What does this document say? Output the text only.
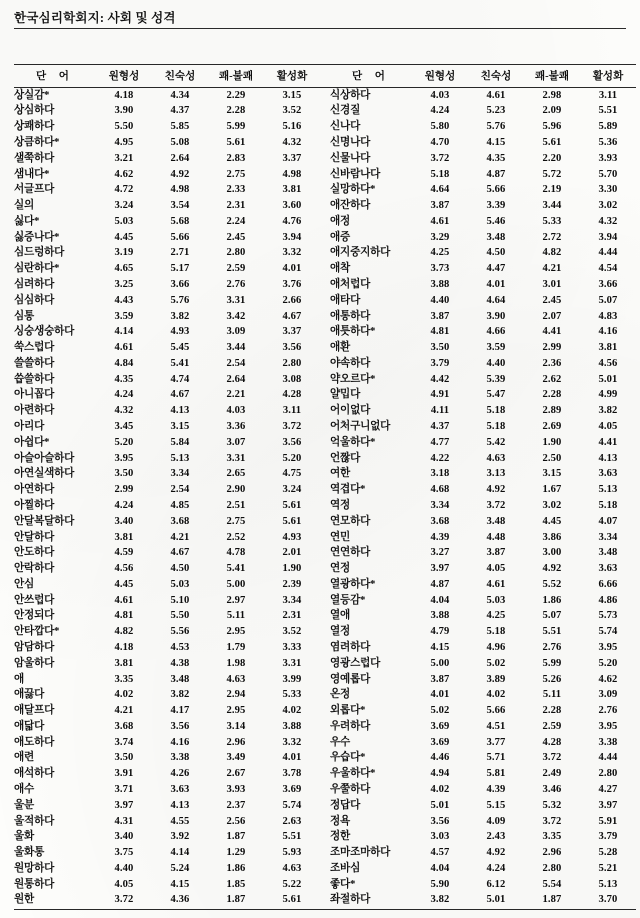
한국심리학회지: 사회 및 성격
단 어	원형성	친숙성	쾌-불쾌	활성화		단 어	원형성	친숙성	쾌-불쾌	활성화
상실감*	4.18	4.34	2.29	3.15		식상하다	4.03	4.61	2.98	3.11
상심하다	3.90	4.37	2.28	3.52		신경질	4.24	5.23	2.09	5.51
상쾌하다	5.50	5.85	5.99	5.16		신나다	5.80	5.76	5.96	5.89
상큼하다*	4.95	5.08	5.61	4.32		신명나다	4.70	4.15	5.61	5.36
샐쭉하다	3.21	2.64	2.83	3.37		신물나다	3.72	4.35	2.20	3.93
샘내다*	4.62	4.92	2.75	4.98		신바람나다	5.18	4.87	5.72	5.70
서글프다	4.72	4.98	2.33	3.81		실망하다*	4.64	5.66	2.19	3.30
실의	3.24	3.54	2.31	3.60		애잔하다	3.87	3.39	3.44	3.02
싫다*	5.03	5.68	2.24	4.76		애정	4.61	5.46	5.33	4.32
싫증나다*	4.45	5.66	2.45	3.94		애증	3.29	3.48	2.72	3.94
심드렁하다	3.19	2.71	2.80	3.32		애지중지하다	4.25	4.50	4.82	4.44
심란하다*	4.65	5.17	2.59	4.01		애착	3.73	4.47	4.21	4.54
심려하다	3.25	3.66	2.76	3.76		애처럽다	3.88	4.01	3.01	3.66
심심하다	4.43	5.76	3.31	2.66		애타다	4.40	4.64	2.45	5.07
심통	3.59	3.82	3.42	4.67		애통하다	3.87	3.90	2.07	4.83
싱숭생숭하다	4.14	4.93	3.09	3.37		애틋하다*	4.81	4.66	4.41	4.16
쑥스럽다	4.61	5.45	3.44	3.56		애환	3.50	3.59	2.99	3.81
쓸쓸하다	4.84	5.41	2.54	2.80		야속하다	3.79	4.40	2.36	4.56
씁쓸하다	4.35	4.74	2.64	3.08		약오르다*	4.42	5.39	2.62	5.01
아니꼽다	4.24	4.67	2.21	4.28		얄밉다	4.91	5.47	2.28	4.99
아련하다	4.32	4.13	4.03	3.11		어이없다	4.11	5.18	2.89	3.82
아리다	3.45	3.15	3.36	3.72		어처구니없다	4.37	5.18	2.69	4.05
아쉽다*	5.20	5.84	3.07	3.56		억울하다*	4.77	5.42	1.90	4.41
아슬아슬하다	3.95	5.13	3.31	5.20		언짢다	4.22	4.63	2.50	4.13
아연실색하다	3.50	3.34	2.65	4.75		여한	3.18	3.13	3.15	3.63
아연하다	2.99	2.54	2.90	3.24		역겹다*	4.68	4.92	1.67	5.13
아찔하다	4.24	4.85	2.51	5.61		역정	3.34	3.72	3.02	5.18
안달복달하다	3.40	3.68	2.75	5.61		연모하다	3.68	3.48	4.45	4.07
안달하다	3.81	4.21	2.52	4.93		연민	4.39	4.48	3.86	3.34
안도하다	4.59	4.67	4.78	2.01		연연하다	3.27	3.87	3.00	3.48
안락하다	4.56	4.50	5.41	1.90		연정	3.97	4.05	4.92	3.63
안심	4.45	5.03	5.00	2.39		열광하다*	4.87	4.61	5.52	6.66
안쓰럽다	4.61	5.10	2.97	3.34		열등감*	4.04	5.03	1.86	4.86
안정되다	4.81	5.50	5.11	2.31		열애	3.88	4.25	5.07	5.73
안타깝다*	4.82	5.56	2.95	3.52		열정	4.79	5.18	5.51	5.74
암담하다	4.18	4.53	1.79	3.33		염려하다	4.15	4.96	2.76	3.95
암울하다	3.81	4.38	1.98	3.31		영광스럽다	5.00	5.02	5.99	5.20
애	3.35	3.48	4.63	3.99		영예롭다	3.87	3.89	5.26	4.62
애끓다	4.02	3.82	2.94	5.33		온정	4.01	4.02	5.11	3.09
애달프다	4.21	4.17	2.95	4.02		외롭다*	5.02	5.66	2.28	2.76
애닯다	3.68	3.56	3.14	3.88		우려하다	3.69	4.51	2.59	3.95
애도하다	3.74	4.16	2.96	3.32		우수	3.69	3.77	4.28	3.38
애련	3.50	3.38	3.49	4.01		우습다*	4.46	5.71	3.72	4.44
애석하다	3.91	4.26	2.67	3.78		우울하다*	4.94	5.81	2.49	2.80
애수	3.71	3.63	3.93	3.69		우쭐하다	4.02	4.39	3.46	4.27
울분	3.97	4.13	2.37	5.74		정답다	5.01	5.15	5.32	3.97
울적하다	4.31	4.55	2.56	2.63		정욕	3.56	4.09	3.72	5.91
울화	3.40	3.92	1.87	5.51		정한	3.03	2.43	3.35	3.79
울화통	3.75	4.14	1.29	5.93		조마조마하다	4.57	4.92	2.96	5.28
원망하다	4.40	5.24	1.86	4.63		조바심	4.04	4.24	2.80	5.21
원통하다	4.05	4.15	1.85	5.22		좋다*	5.90	6.12	5.54	5.13
원한	3.72	4.36	1.87	5.61		좌절하다	3.82	5.01	1.87	3.70
